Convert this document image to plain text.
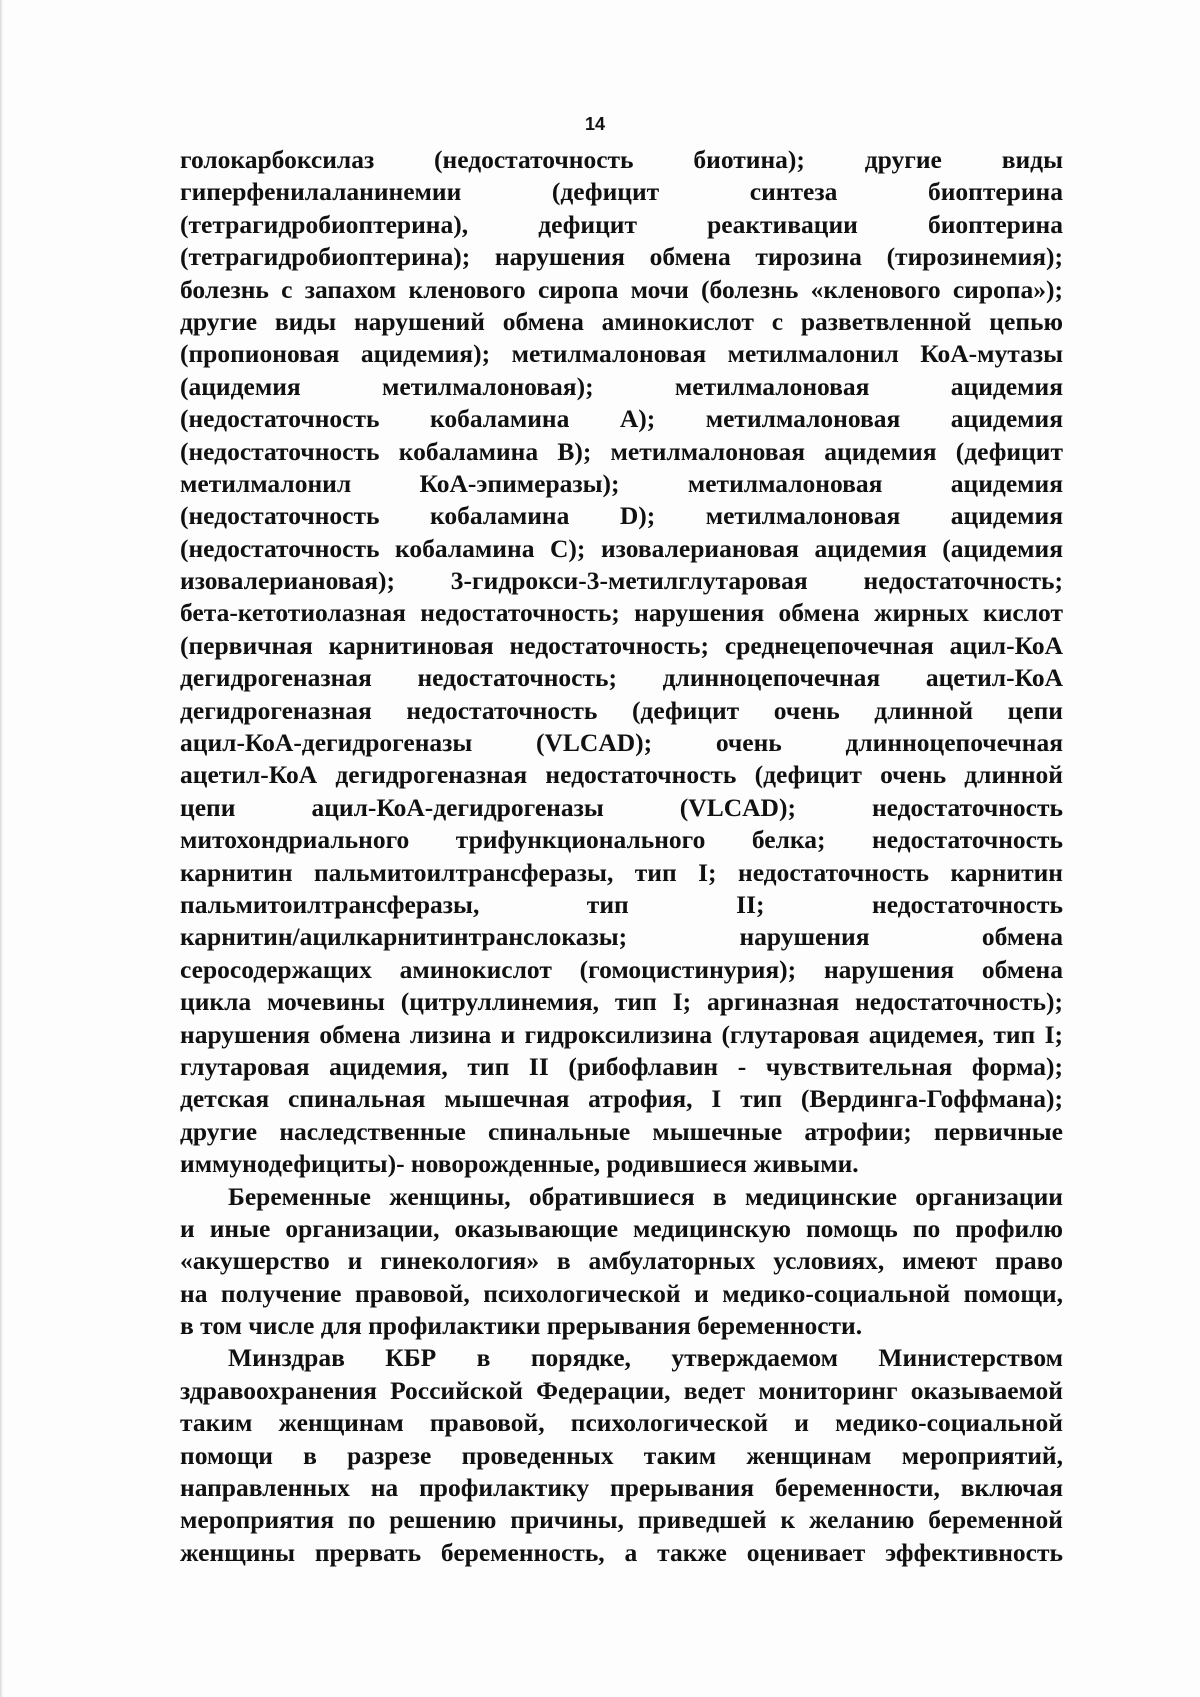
14
голокарбоксилаз (недостаточность биотина); другие виды
гиперфенилаланинемии (дефицит синтеза биоптерина
(тетрагидробиоптерина), дефицит реактивации биоптерина
(тетрагидробиоптерина); нарушения обмена тирозина (тирозинемия);
болезнь с запахом кленового сиропа мочи (болезнь «кленового сиропа»);
другие виды нарушений обмена аминокислот с разветвленной цепью
(пропионовая ацидемия); метилмалоновая метилмалонил КоА-мутазы
(ацидемия метилмалоновая); метилмалоновая ацидемия
(недостаточность кобаламина А); метилмалоновая ацидемия
(недостаточность кобаламина В); метилмалоновая ацидемия (дефицит
метилмалонил КоА-эпимеразы); метилмалоновая ацидемия
(недостаточность кобаламина D); метилмалоновая ацидемия
(недостаточность кобаламина С); изовалериановая ацидемия (ацидемия
изовалериановая); 3-гидрокси-3-метилглутаровая недостаточность;
бета-кетотиолазная недостаточность; нарушения обмена жирных кислот
(первичная карнитиновая недостаточность; среднецепочечная ацил-КоА
дегидрогеназная недостаточность; длинноцепочечная ацетил-КоА
дегидрогеназная недостаточность (дефицит очень длинной цепи
ацил-КоА-дегидрогеназы (VLCAD); очень длинноцепочечная
ацетил-КоА дегидрогеназная недостаточность (дефицит очень длинной
цепи ацил-КоА-дегидрогеназы (VLCAD); недостаточность
митохондриального трифункционального белка; недостаточность
карнитин пальмитоилтрансферазы, тип I; недостаточность карнитин
пальмитоилтрансферазы, тип II; недостаточность
карнитин/ацилкарнитинтранслоказы; нарушения обмена
серосодержащих аминокислот (гомоцистинурия); нарушения обмена
цикла мочевины (цитруллинемия, тип I; аргиназная недостаточность);
нарушения обмена лизина и гидроксилизина (глутаровая ацидемея, тип I;
глутаровая ацидемия, тип II (рибофлавин - чувствительная форма);
детская спинальная мышечная атрофия, I тип (Вердинга-Гоффмана);
другие наследственные спинальные мышечные атрофии; первичные
иммунодефициты)- новорожденные, родившиеся живыми.
Беременные женщины, обратившиеся в медицинские организации
и иные организации, оказывающие медицинскую помощь по профилю
«акушерство и гинекология» в амбулаторных условиях, имеют право
на получение правовой, психологической и медико-социальной помощи,
в том числе для профилактики прерывания беременности.
Минздрав КБР в порядке, утверждаемом Министерством
здравоохранения Российской Федерации, ведет мониторинг оказываемой
таким женщинам правовой, психологической и медико-социальной
помощи в разрезе проведенных таким женщинам мероприятий,
направленных на профилактику прерывания беременности, включая
мероприятия по решению причины, приведшей к желанию беременной
женщины прервать беременность, а также оценивает эффективность
